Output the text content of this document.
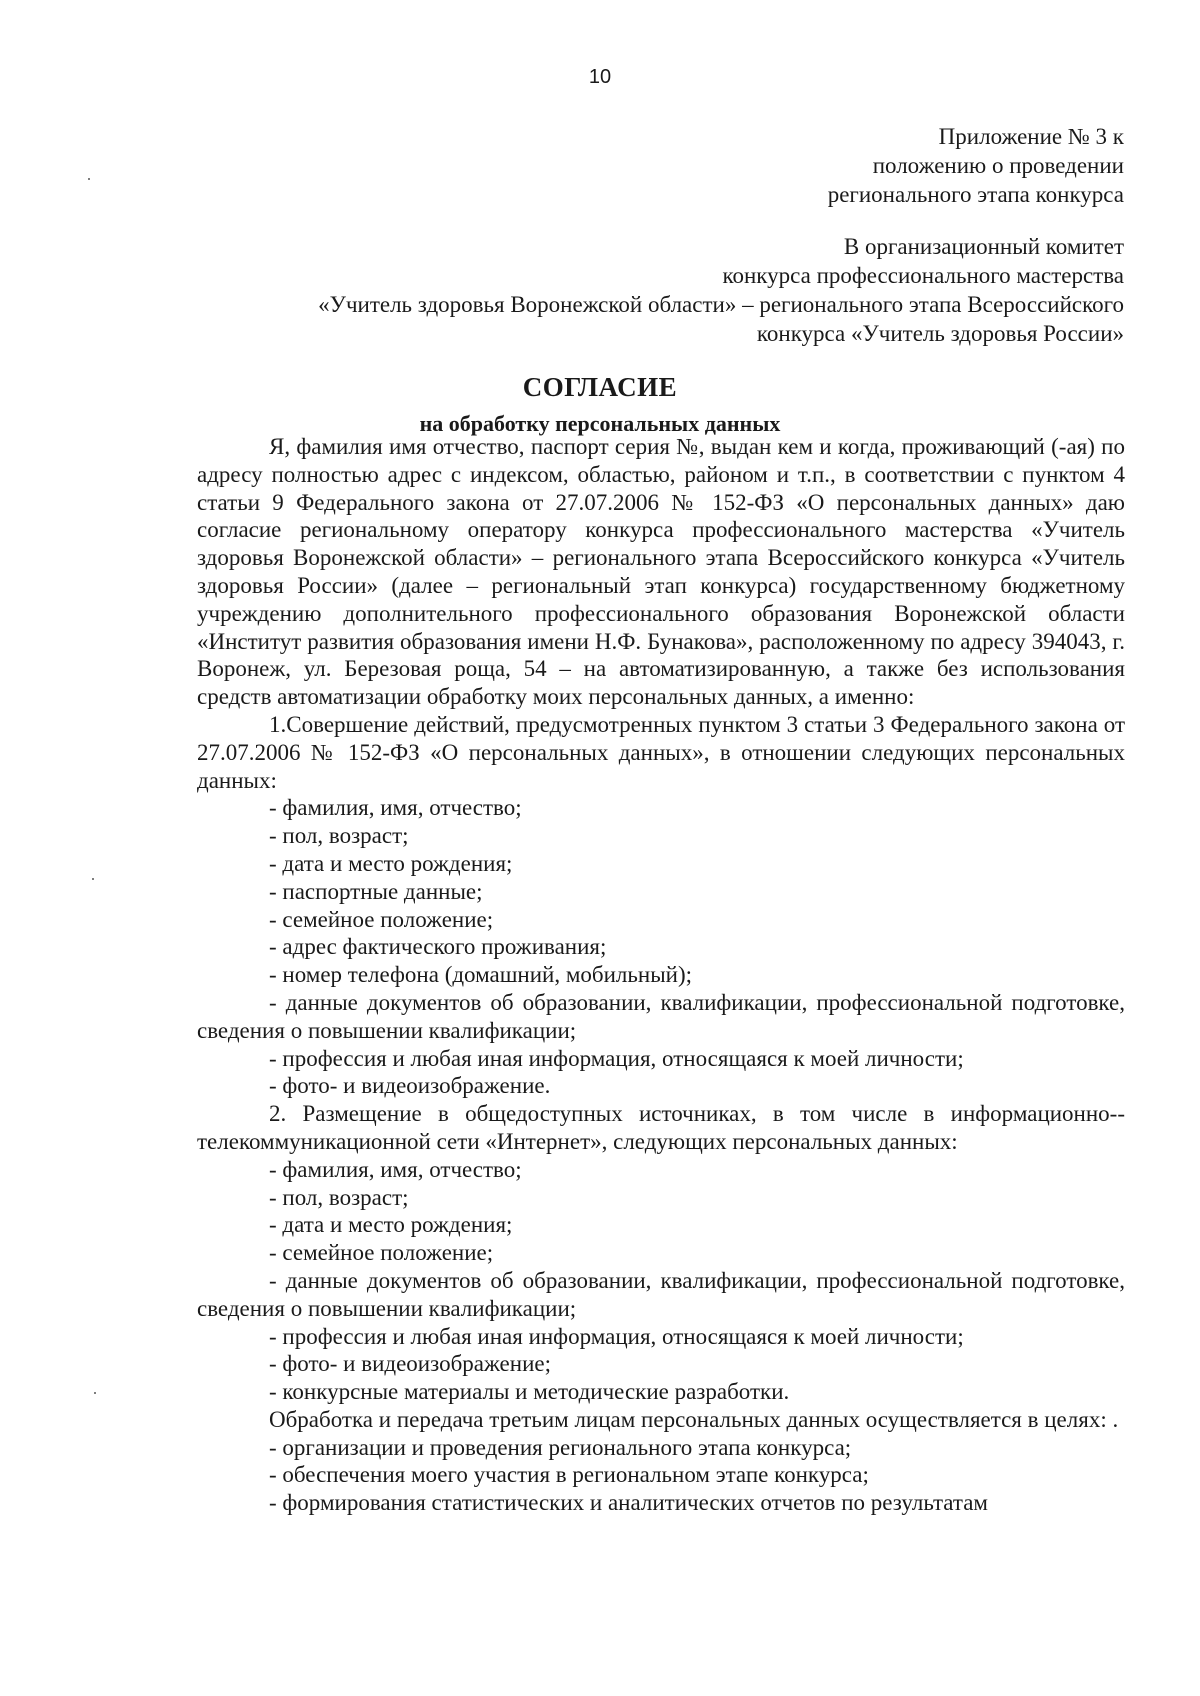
10
Приложение № 3 к
положению о проведении
регионального этапа конкурса
В организационный комитет
конкурса профессионального мастерства
«Учитель здоровья Воронежской области» – регионального этапа Всероссийского
конкурса «Учитель здоровья России»
СОГЛАСИЕ
на обработку персональных данных

Я, фамилия имя отчество, паспорт серия №, выдан кем и когда, проживающий (-ая) по адресу полностью адрес с индексом, областью, районом и т.п., в соответствии с пунктом 4 статьи 9 Федерального закона от 27.07.2006 № 152-ФЗ «О персональных данных» даю согласие региональному оператору конкурса профессионального мастерства «Учитель здоровья Воронежской области» – регионального этапа Всероссийского конкурса «Учитель здоровья России» (далее – региональный этап конкурса) государственному бюджетному учреждению дополнительного профессионального образования Воронежской области «Институт развития образования имени Н.Ф. Бунакова», расположенному по адресу 394043, г. Воронеж, ул. Березовая роща, 54 – на автоматизированную, а также без использования средств автоматизации обработку моих персональных данных, а именно:

1.Совершение действий, предусмотренных пунктом 3 статьи 3 Федерального закона от 27.07.2006 № 152-ФЗ «О персональных данных», в отношении следующих персональных данных:

- фамилия, имя, отчество;

- пол, возраст;

- дата и место рождения;

- паспортные данные;

- семейное положение;

- адрес фактического проживания;

- номер телефона (домашний, мобильный);

- данные документов об образовании, квалификации, профессиональной подготовке, сведения о повышении квалификации;

- профессия и любая иная информация, относящаяся к моей личности;

- фото- и видеоизображение.

2. Размещение в общедоступных источниках, в том числе в информационно--телекоммуникационной сети «Интернет», следующих персональных данных:

- фамилия, имя, отчество;

- пол, возраст;

- дата и место рождения;

- семейное положение;

- данные документов об образовании, квалификации, профессиональной подготовке, сведения о повышении квалификации;

- профессия и любая иная информация, относящаяся к моей личности;

- фото- и видеоизображение;

- конкурсные материалы и методические разработки.

Обработка и передача третьим лицам персональных данных осуществляется в целях: .

- организации и проведения регионального этапа конкурса;

- обеспечения моего участия в региональном этапе конкурса;

- формирования статистических и аналитических отчетов по результатам
